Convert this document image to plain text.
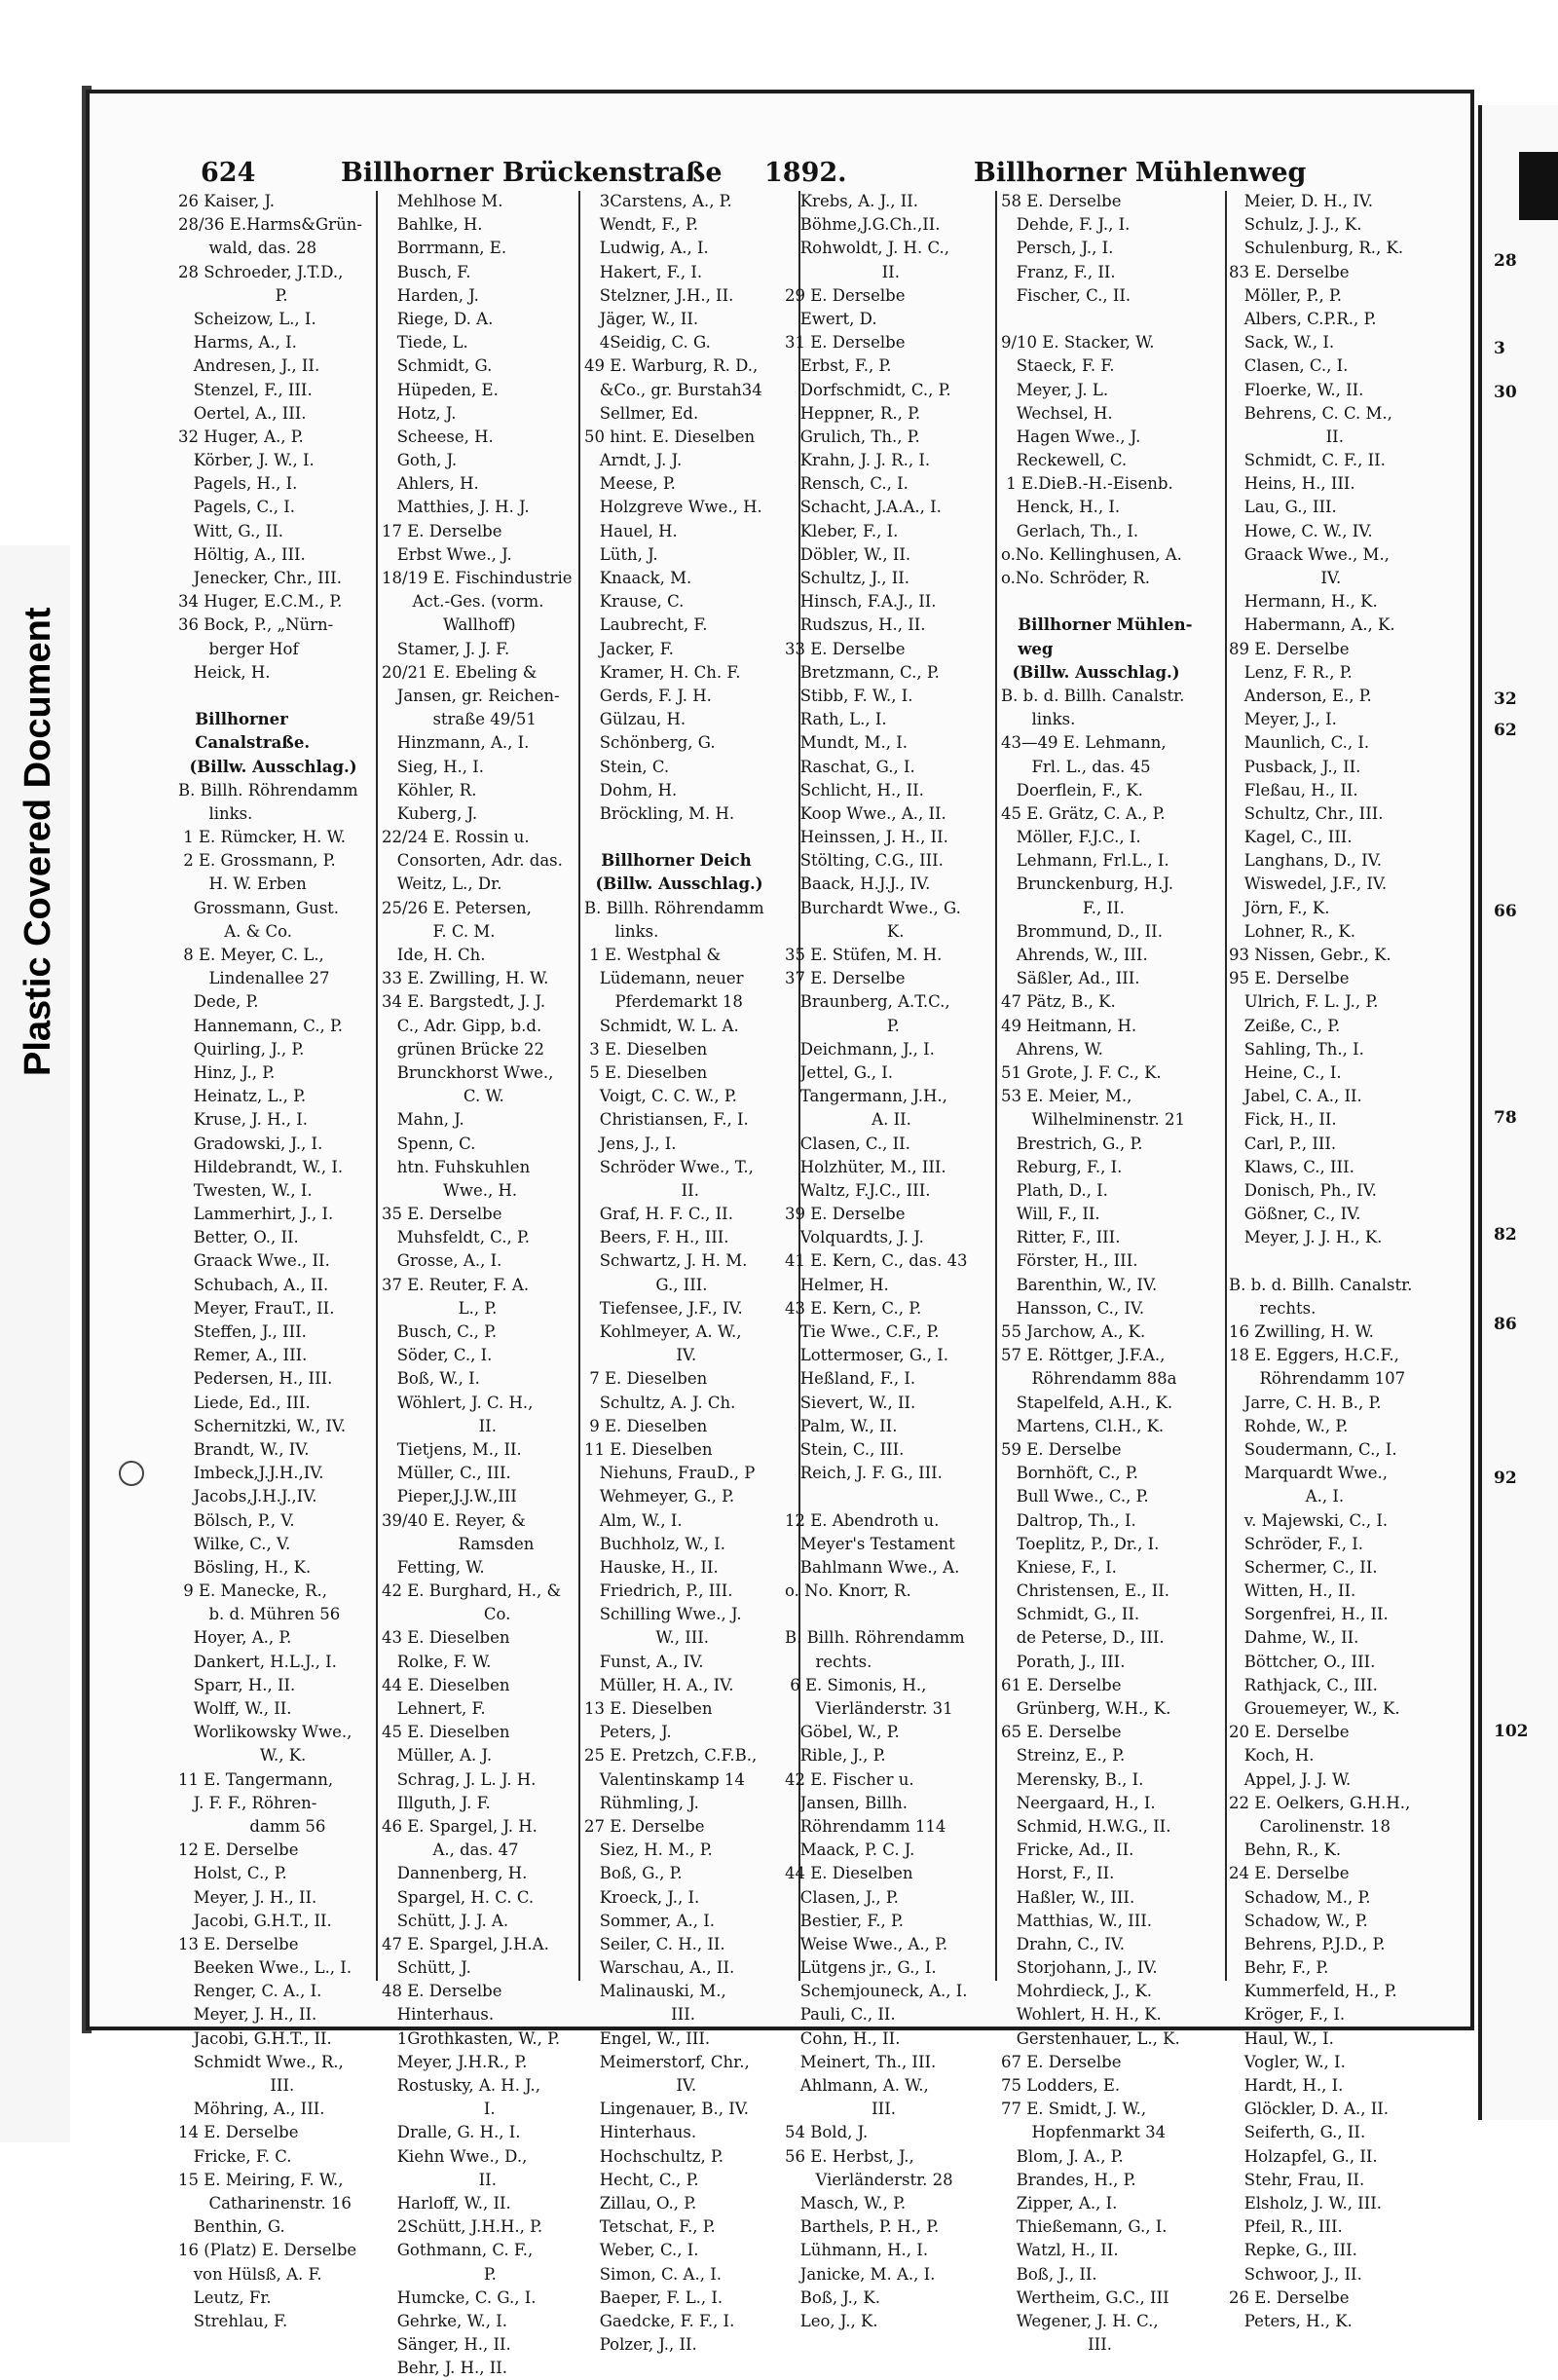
Plastic Covered Document
624	Billhorner Brückenstraße 1892.	Billhorner Mühlenweg
26 Kaiser, J.
28/36 E.Harms&Grün-
wald, das. 28
28 Schroeder, J.T.D.,
P.
Scheizow, L., I.
Harms, A., I.
Andresen, J., II.
Stenzel, F., III.
Oertel, A., III.
32 Huger, A., P.
Körber, J. W., I.
Pagels, H., I.
Pagels, C., I.
Witt, G., II.
Höltig, A., III.
Jenecker, Chr., III.
34 Huger, E.C.M., P.
36 Bock, P., „Nürn-
berger Hof
Heick, H.
Billhorner
Canalstraße.
(Billw. Ausschlag.)
B. Billh. Röhrendamm
links.
1 E. Rümcker, H. W.
2 E. Grossmann, P.
H. W. Erben
Grossmann, Gust.
A. & Co.
8 E. Meyer, C. L.,
Lindenallee 27
Dede, P.
Hannemann, C., P.
Quirling, J., P.
Hinz, J., P.
Heinatz, L., P.
Kruse, J. H., I.
Gradowski, J., I.
Hildebrandt, W., I.
Twesten, W., I.
Lammerhirt, J., I.
Better, O., II.
Graack Wwe., II.
Schubach, A., II.
Meyer, FrauT., II.
Steffen, J., III.
Remer, A., III.
Pedersen, H., III.
Liede, Ed., III.
Schernitzki, W., IV.
Brandt, W., IV.
Imbeck,J.J.H.,IV.
Jacobs,J.H.J.,IV.
Bölsch, P., V.
Wilke, C., V.
Bösling, H., K.
9 E. Manecke, R.,
b. d. Mühren 56
Hoyer, A., P.
Dankert, H.L.J., I.
Sparr, H., II.
Wolff, W., II.
Worlikowsky Wwe.,
W., K.
11 E. Tangermann,
J. F. F., Röhren-
damm 56
12 E. Derselbe
Holst, C., P.
Meyer, J. H., II.
Jacobi, G.H.T., II.
13 E. Derselbe
Beeken Wwe., L., I.
Renger, C. A., I.
Meyer, J. H., II.
Jacobi, G.H.T., II.
Schmidt Wwe., R.,
III.
Möhring, A., III.
14 E. Derselbe
Fricke, F. C.
15 E. Meiring, F. W.,
Catharinenstr. 16
Benthin, G.
16 (Platz) E. Derselbe
von Hülsß, A. F.
Leutz, Fr.
Strehlau, F.
Mehlhose M.
Bahlke, H.
Borrmann, E.
Busch, F.
Harden, J.
Riege, D. A.
Tiede, L.
Schmidt, G.
Hüpeden, E.
Hotz, J.
Scheese, H.
Goth, J.
Ahlers, H.
Matthies, J. H. J.
17 E. Derselbe
Erbst Wwe., J.
18/19 E. Fischindustrie
Act.-Ges. (vorm.
Wallhoff)
Stamer, J. J. F.
20/21 E. Ebeling &
Jansen, gr. Reichen-
straße 49/51
Hinzmann, A., I.
Sieg, H., I.
Köhler, R.
Kuberg, J.
22/24 E. Rossin u.
Consorten, Adr. das.
Weitz, L., Dr.
25/26 E. Petersen,
F. C. M.
Ide, H. Ch.
33 E. Zwilling, H. W.
34 E. Bargstedt, J. J.
C., Adr. Gipp, b.d.
grünen Brücke 22
Brunckhorst Wwe.,
C. W.
Mahn, J.
Spenn, C.
htn. Fuhskuhlen
Wwe., H.
35 E. Derselbe
Muhsfeldt, C., P.
Grosse, A., I.
37 E. Reuter, F. A.
L., P.
Busch, C., P.
Söder, C., I.
Boß, W., I.
Wöhlert, J. C. H.,
II.
Tietjens, M., II.
Müller, C., III.
Pieper,J.J.W.,III
39/40 E. Reyer, &
Ramsden
Fetting, W.
42 E. Burghard, H., &
Co.
43 E. Dieselben
Rolke, F. W.
44 E. Dieselben
Lehnert, F.
45 E. Dieselben
Müller, A. J.
Schrag, J. L. J. H.
Illguth, J. F.
46 E. Spargel, J. H.
A., das. 47
Dannenberg, H.
Spargel, H. C. C.
Schütt, J. J. A.
47 E. Spargel, J.H.A.
Schütt, J.
48 E. Derselbe
Hinterhaus.
1Grothkasten, W., P.
Meyer, J.H.R., P.
Rostusky, A. H. J.,
I.
Dralle, G. H., I.
Kiehn Wwe., D.,
II.
Harloff, W., II.
2Schütt, J.H.H., P.
Gothmann, C. F.,
P.
Humcke, C. G., I.
Gehrke, W., I.
Sänger, H., II.
Behr, J. H., II.
3Carstens, A., P.
Wendt, F., P.
Ludwig, A., I.
Hakert, F., I.
Stelzner, J.H., II.
Jäger, W., II.
4Seidig, C. G.
49 E. Warburg, R. D.,
&Co., gr. Burstah34
Sellmer, Ed.
50 hint. E. Dieselben
Arndt, J. J.
Meese, P.
Holzgreve Wwe., H.
Hauel, H.
Lüth, J.
Knaack, M.
Krause, C.
Laubrecht, F.
Jacker, F.
Kramer, H. Ch. F.
Gerds, F. J. H.
Gülzau, H.
Schönberg, G.
Stein, C.
Dohm, H.
Bröckling, M. H.
Billhorner Deich
(Billw. Ausschlag.)
B. Billh. Röhrendamm
links.
1 E. Westphal &
Lüdemann, neuer
Pferdemarkt 18
Schmidt, W. L. A.
3 E. Dieselben
5 E. Dieselben
Voigt, C. C. W., P.
Christiansen, F., I.
Jens, J., I.
Schröder Wwe., T.,
II.
Graf, H. F. C., II.
Beers, F. H., III.
Schwartz, J. H. M.
G., III.
Tiefensee, J.F., IV.
Kohlmeyer, A. W.,
IV.
7 E. Dieselben
Schultz, A. J. Ch.
9 E. Dieselben
11 E. Dieselben
Niehuns, FrauD., P
Wehmeyer, G., P.
Alm, W., I.
Buchholz, W., I.
Hauske, H., II.
Friedrich, P., III.
Schilling Wwe., J.
W., III.
Funst, A., IV.
Müller, H. A., IV.
13 E. Dieselben
Peters, J.
25 E. Pretzch, C.F.B.,
Valentinskamp 14
Rühmling, J.
27 E. Derselbe
Siez, H. M., P.
Boß, G., P.
Kroeck, J., I.
Sommer, A., I.
Seiler, C. H., II.
Warschau, A., II.
Malinauski, M.,
III.
Engel, W., III.
Meimerstorf, Chr.,
IV.
Lingenauer, B., IV.
Hinterhaus.
Hochschultz, P.
Hecht, C., P.
Zillau, O., P.
Tetschat, F., P.
Weber, C., I.
Simon, C. A., I.
Baeper, F. L., I.
Gaedcke, F. F., I.
Polzer, J., II.
Krebs, A. J., II.
Böhme,J.G.Ch.,II.
Rohwoldt, J. H. C.,
II.
29 E. Derselbe
Ewert, D.
31 E. Derselbe
Erbst, F., P.
Dorfschmidt, C., P.
Heppner, R., P.
Grulich, Th., P.
Krahn, J. J. R., I.
Rensch, C., I.
Schacht, J.A.A., I.
Kleber, F., I.
Döbler, W., II.
Schultz, J., II.
Hinsch, F.A.J., II.
Rudszus, H., II.
33 E. Derselbe
Bretzmann, C., P.
Stibb, F. W., I.
Rath, L., I.
Mundt, M., I.
Raschat, G., I.
Schlicht, H., II.
Koop Wwe., A., II.
Heinssen, J. H., II.
Stölting, C.G., III.
Baack, H.J.J., IV.
Burchardt Wwe., G.
K.
35 E. Stüfen, M. H.
37 E. Derselbe
Braunberg, A.T.C.,
P.
Deichmann, J., I.
Jettel, G., I.
Tangermann, J.H.,
A. II.
Clasen, C., II.
Holzhüter, M., III.
Waltz, F.J.C., III.
39 E. Derselbe
Volquardts, J. J.
41 E. Kern, C., das. 43
Helmer, H.
43 E. Kern, C., P.
Tie Wwe., C.F., P.
Lottermoser, G., I.
Heßland, F., I.
Sievert, W., II.
Palm, W., II.
Stein, C., III.
Reich, J. F. G., III.
12 E. Abendroth u.
Meyer's Testament
Bahlmann Wwe., A.
o. No. Knorr, R.
B. Billh. Röhrendamm
rechts.
6 E. Simonis, H.,
Vierländerstr. 31
Göbel, W., P.
Rible, J., P.
42 E. Fischer u.
Jansen, Billh.
Röhrendamm 114
Maack, P. C. J.
44 E. Dieselben
Clasen, J., P.
Bestier, F., P.
Weise Wwe., A., P.
Lütgens jr., G., I.
Schemjouneck, A., I.
Pauli, C., II.
Cohn, H., II.
Meinert, Th., III.
Ahlmann, A. W.,
III.
54 Bold, J.
56 E. Herbst, J.,
Vierländerstr. 28
Masch, W., P.
Barthels, P. H., P.
Lühmann, H., I.
Janicke, M. A., I.
Boß, J., K.
Leo, J., K.
58 E. Derselbe
Dehde, F. J., I.
Persch, J., I.
Franz, F., II.
Fischer, C., II.
9/10 E. Stacker, W.
Staeck, F. F.
Meyer, J. L.
Wechsel, H.
Hagen Wwe., J.
Reckewell, C.
1 E.DieB.-H.-Eisenb.
Henck, H., I.
Gerlach, Th., I.
o.No. Kellinghusen, A.
o.No. Schröder, R.
Billhorner Mühlen-
weg
(Billw. Ausschlag.)
B. b. d. Billh. Canalstr.
links.
43—49 E. Lehmann,
Frl. L., das. 45
Doerflein, F., K.
45 E. Grätz, C. A., P.
Möller, F.J.C., I.
Lehmann, Frl.L., I.
Brunckenburg, H.J.
F., II.
Brommund, D., II.
Ahrends, W., III.
Säßler, Ad., III.
47 Pätz, B., K.
49 Heitmann, H.
Ahrens, W.
51 Grote, J. F. C., K.
53 E. Meier, M.,
Wilhelminenstr. 21
Brestrich, G., P.
Reburg, F., I.
Plath, D., I.
Will, F., II.
Ritter, F., III.
Förster, H., III.
Barenthin, W., IV.
Hansson, C., IV.
55 Jarchow, A., K.
57 E. Röttger, J.F.A.,
Röhrendamm 88a
Stapelfeld, A.H., K.
Martens, Cl.H., K.
59 E. Derselbe
Bornhöft, C., P.
Bull Wwe., C., P.
Daltrop, Th., I.
Toeplitz, P., Dr., I.
Kniese, F., I.
Christensen, E., II.
Schmidt, G., II.
de Peterse, D., III.
Porath, J., III.
61 E. Derselbe
Grünberg, W.H., K.
65 E. Derselbe
Streinz, E., P.
Merensky, B., I.
Neergaard, H., I.
Schmid, H.W.G., II.
Fricke, Ad., II.
Horst, F., II.
Haßler, W., III.
Matthias, W., III.
Drahn, C., IV.
Storjohann, J., IV.
Mohrdieck, J., K.
Wohlert, H. H., K.
Gerstenhauer, L., K.
67 E. Derselbe
75 Lodders, E.
77 E. Smidt, J. W.,
Hopfenmarkt 34
Blom, J. A., P.
Brandes, H., P.
Zipper, A., I.
Thießemann, G., I.
Watzl, H., II.
Boß, J., II.
Wertheim, G.C., III
Wegener, J. H. C.,
III.
Meier, D. H., IV.
Schulz, J. J., K.
Schulenburg, R., K.
83 E. Derselbe
Möller, P., P.
Albers, C.P.R., P.
Sack, W., I.
Clasen, C., I.
Floerke, W., II.
Behrens, C. C. M.,
II.
Schmidt, C. F., II.
Heins, H., III.
Lau, G., III.
Howe, C. W., IV.
Graack Wwe., M.,
IV.
Hermann, H., K.
Habermann, A., K.
89 E. Derselbe
Lenz, F. R., P.
Anderson, E., P.
Meyer, J., I.
Maunlich, C., I.
Pusback, J., II.
Fleßau, H., II.
Schultz, Chr., III.
Kagel, C., III.
Langhans, D., IV.
Wiswedel, J.F., IV.
Jörn, F., K.
Lohner, R., K.
93 Nissen, Gebr., K.
95 E. Derselbe
Ulrich, F. L. J., P.
Zeiße, C., P.
Sahling, Th., I.
Heine, C., I.
Jabel, C. A., II.
Fick, H., II.
Carl, P., III.
Klaws, C., III.
Donisch, Ph., IV.
Gößner, C., IV.
Meyer, J. J. H., K.
B. b. d. Billh. Canalstr.
rechts.
16 Zwilling, H. W.
18 E. Eggers, H.C.F.,
Röhrendamm 107
Jarre, C. H. B., P.
Rohde, W., P.
Soudermann, C., I.
Marquardt Wwe.,
A., I.
v. Majewski, C., I.
Schröder, F., I.
Schermer, C., II.
Witten, H., II.
Sorgenfrei, H., II.
Dahme, W., II.
Böttcher, O., III.
Rathjack, C., III.
Grouemeyer, W., K.
20 E. Derselbe
Koch, H.
Appel, J. J. W.
22 E. Oelkers, G.H.H.,
Carolinenstr. 18
Behn, R., K.
24 E. Derselbe
Schadow, M., P.
Schadow, W., P.
Behrens, P.J.D., P.
Behr, F., P.
Kummerfeld, H., P.
Kröger, F., I.
Haul, W., I.
Vogler, W., I.
Hardt, H., I.
Glöckler, D. A., II.
Seiferth, G., II.
Holzapfel, G., II.
Stehr, Frau, II.
Elsholz, J. W., III.
Pfeil, R., III.
Repke, G., III.
Schwoor, J., II.
26 E. Derselbe
Peters, H., K.
28
3
30
32
62
66
78
82
86
92
102
